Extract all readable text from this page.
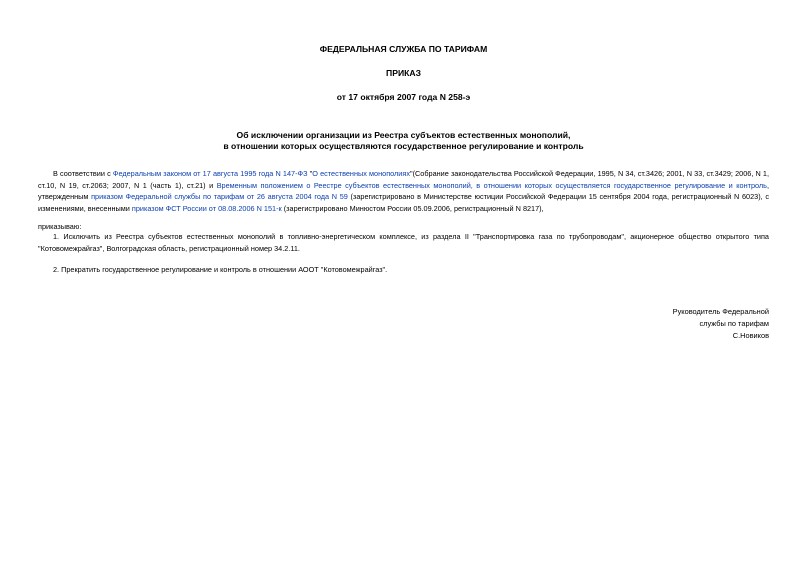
ФЕДЕРАЛЬНАЯ СЛУЖБА ПО ТАРИФАМ
ПРИКАЗ
от 17 октября 2007 года N 258-э
Об исключении организации из Реестра субъектов естественных монополий,
в отношении которых осуществляются государственное регулирование и контроль
В соответствии с Федеральным законом от 17 августа 1995 года N 147-ФЗ "О естественных монополиях"(Собрание законодательства Российской Федерации, 1995, N 34, ст.3426; 2001, N 33, ст.3429; 2006, N 1, ст.10, N 19, ст.2063; 2007, N 1 (часть 1), ст.21) и Временным положением о Реестре субъектов естественных монополий, в отношении которых осуществляется государственное регулирование и контроль, утвержденным приказом Федеральной службы по тарифам от 26 августа 2004 года N 59 (зарегистрировано в Министерстве юстиции Российской Федерации 15 сентября 2004 года, регистрационный N 6023), с изменениями, внесенными приказом ФСТ России от 08.08.2006 N 151-к (зарегистрировано Минюстом России 05.09.2006, регистрационный N 8217),
приказываю:
1. Исключить из Реестра субъектов естественных монополий в топливно-энергетическом комплексе, из раздела II "Транспортировка газа по трубопроводам", акционерное общество открытого типа "Котовомежрайгаз", Волгоградская область, регистрационный номер 34.2.11.
2. Прекратить государственное регулирование и контроль в отношении АООТ "Котовомежрайгаз".
Руководитель Федеральной
службы по тарифам
С.Новиков
